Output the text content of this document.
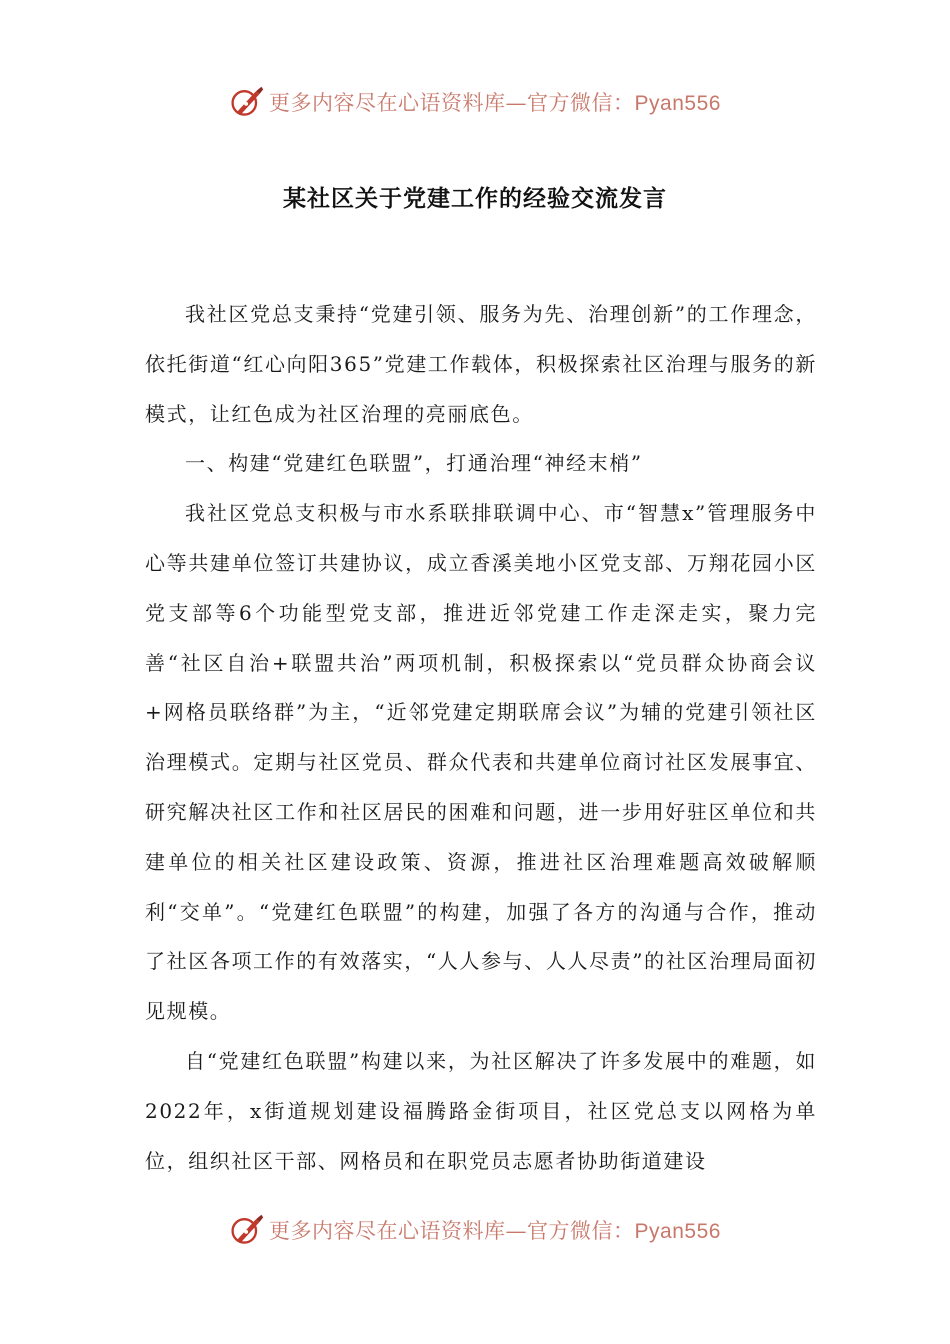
更多内容尽在心语资料库—官方微信：Pyan556
某社区关于党建工作的经验交流发言

我社区党总支秉持“党建引领、服务为先、治理创新”的工作理念，依托街道“红心向阳365”党建工作载体，积极探索社区治理与服务的新模式，让红色成为社区治理的亮丽底色。

一、构建“党建红色联盟”，打通治理“神经末梢”

我社区党总支积极与市水系联排联调中心、市“智慧x”管理服务中心等共建单位签订共建协议，成立香溪美地小区党支部、万翔花园小区党支部等6个功能型党支部，推进近邻党建工作走深走实，聚力完善“社区自治+联盟共治”两项机制，积极探索以“党员群众协商会议+网格员联络群”为主，“近邻党建定期联席会议”为辅的党建引领社区治理模式。定期与社区党员、群众代表和共建单位商讨社区发展事宜、研究解决社区工作和社区居民的困难和问题，进一步用好驻区单位和共建单位的相关社区建设政策、资源，推进社区治理难题高效破解顺利“交单”。“党建红色联盟”的构建，加强了各方的沟通与合作，推动了社区各项工作的有效落实，“人人参与、人人尽责”的社区治理局面初见规模。

自“党建红色联盟”构建以来，为社区解决了许多发展中的难题，如2022年，x街道规划建设福腾路金街项目，社区党总支以网格为单位，组织社区干部、网格员和在职党员志愿者协助街道建设

更多内容尽在心语资料库—官方微信：Pyan556
